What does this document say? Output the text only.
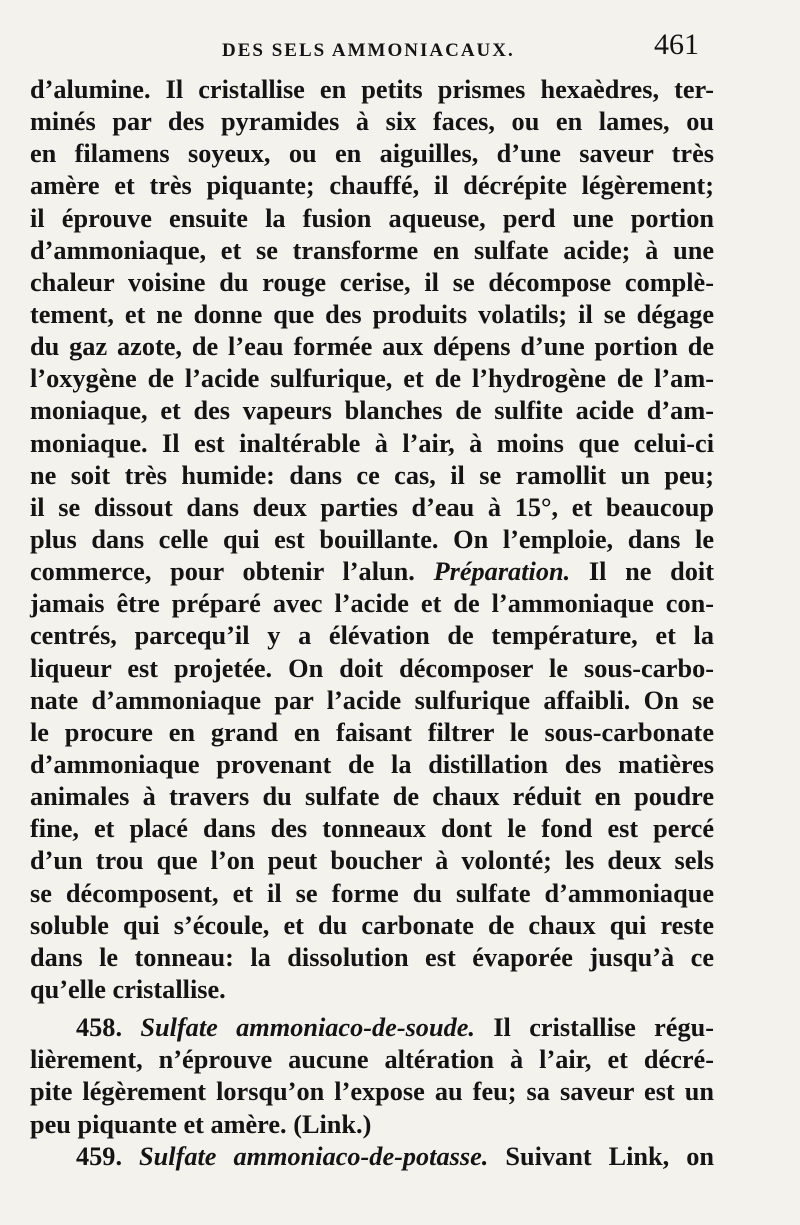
DES SELS AMMONIACAUX.	461
d’alumine. Il cristallise en petits prismes hexaèdres, ter-
minés par des pyramides à six faces, ou en lames, ou
en filamens soyeux, ou en aiguilles, d’une saveur très
amère et très piquante; chauffé, il décrépite légèrement;
il éprouve ensuite la fusion aqueuse, perd une portion
d’ammoniaque, et se transforme en sulfate acide; à une
chaleur voisine du rouge cerise, il se décompose complè-
tement, et ne donne que des produits volatils; il se dégage
du gaz azote, de l’eau formée aux dépens d’une portion de
l’oxygène de l’acide sulfurique, et de l’hydrogène de l’am-
moniaque, et des vapeurs blanches de sulfite acide d’am-
moniaque. Il est inaltérable à l’air, à moins que celui-ci
ne soit très humide: dans ce cas, il se ramollit un peu;
il se dissout dans deux parties d’eau à 15°, et beaucoup
plus dans celle qui est bouillante. On l’emploie, dans le
commerce, pour obtenir l’alun. Préparation. Il ne doit
jamais être préparé avec l’acide et de l’ammoniaque con-
centrés, parcequ’il y a élévation de température, et la
liqueur est projetée. On doit décomposer le sous-carbo-
nate d’ammoniaque par l’acide sulfurique affaibli. On se
le procure en grand en faisant filtrer le sous-carbonate
d’ammoniaque provenant de la distillation des matières
animales à travers du sulfate de chaux réduit en poudre
fine, et placé dans des tonneaux dont le fond est percé
d’un trou que l’on peut boucher à volonté; les deux sels
se décomposent, et il se forme du sulfate d’ammoniaque
soluble qui s’écoule, et du carbonate de chaux qui reste
dans le tonneau: la dissolution est évaporée jusqu’à ce
qu’elle cristallise.
458. Sulfate ammoniaco-de-soude. Il cristallise régu-
lièrement, n’éprouve aucune altération à l’air, et décré-
pite légèrement lorsqu’on l’expose au feu; sa saveur est un
peu piquante et amère. (Link.)
459. Sulfate ammoniaco-de-potasse. Suivant Link, on
